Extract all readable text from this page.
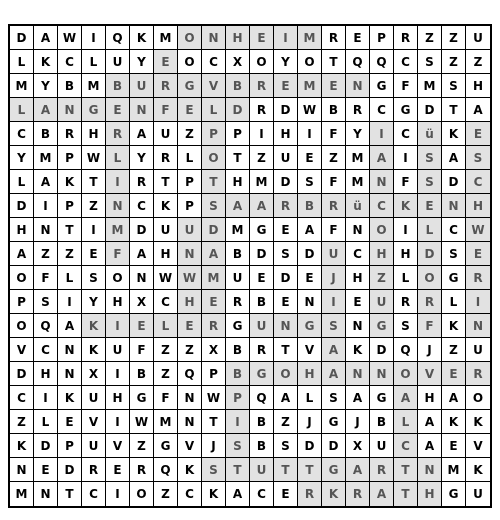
D	A	W	I	Q	K	M	O	N	H	E	I	M	R	E	P	R	Z	Z	U
L	K	C	L	U	Y	E	O	C	X	O	Y	O	T	Q	Q	C	S	Z	Z
M	Y	B	M	B	U	R	G	V	B	R	E	M	E	N	G	F	M	S	H
L	A	N	G	E	N	F	E	L	D	R	D	W	B	R	C	G	D	T	A
C	B	R	H	R	A	U	Z	P	P	I	H	I	F	Y	I	C	ü	K	E
Y	M	P	W	L	Y	R	L	O	T	Z	U	E	Z	M	A	I	S	A	S
L	A	K	T	I	R	T	P	T	H	M	D	S	F	M	N	F	S	D	C
D	I	P	Z	N	C	K	P	S	A	A	R	B	R	ü	C	K	E	N	H
H	N	T	I	M	D	U	U	D	M	G	E	A	F	N	O	I	L	C	W
A	Z	Z	E	F	A	H	N	A	B	D	S	D	U	C	H	H	D	S	E
O	F	L	S	O	N	W W M	U	E	D	E	J	H	Z	L	O	G	R
P	S	I	Y	H	X	C	H	E	R	B	E	N	I	E	U	R	R	L	I
O	Q	A	K	I	E	L	E	R	G	U	N	G	S	N	G	S	F	K	N
V	C	N	K	U	F	Z	Z	X	B	R	T	V	A	K	D	Q	J	Z	U
D	H	N	X	I	B	Z	Q	P	B	G	O	H	A	N	N	O	V	E	R
C	I	K	U	H	G	F	N	W	P	Q	A	L	S	A	G	A	H	A	O
Z	L	E	V	I	W M	N	T	I	B	Z	J	G	J	B	L	A	K	K
K	D	P	U	V	Z	G	V	J	S	B	S	D	D	X	U	C	A	E	V
N	E	D	R	E	R	Q	K	S	T	U	T	T	G	A	R	T	N	M	K
M	N	T	C	I	O	Z	C	K	A	C	E	R	K	R	A	T	H	G	U
